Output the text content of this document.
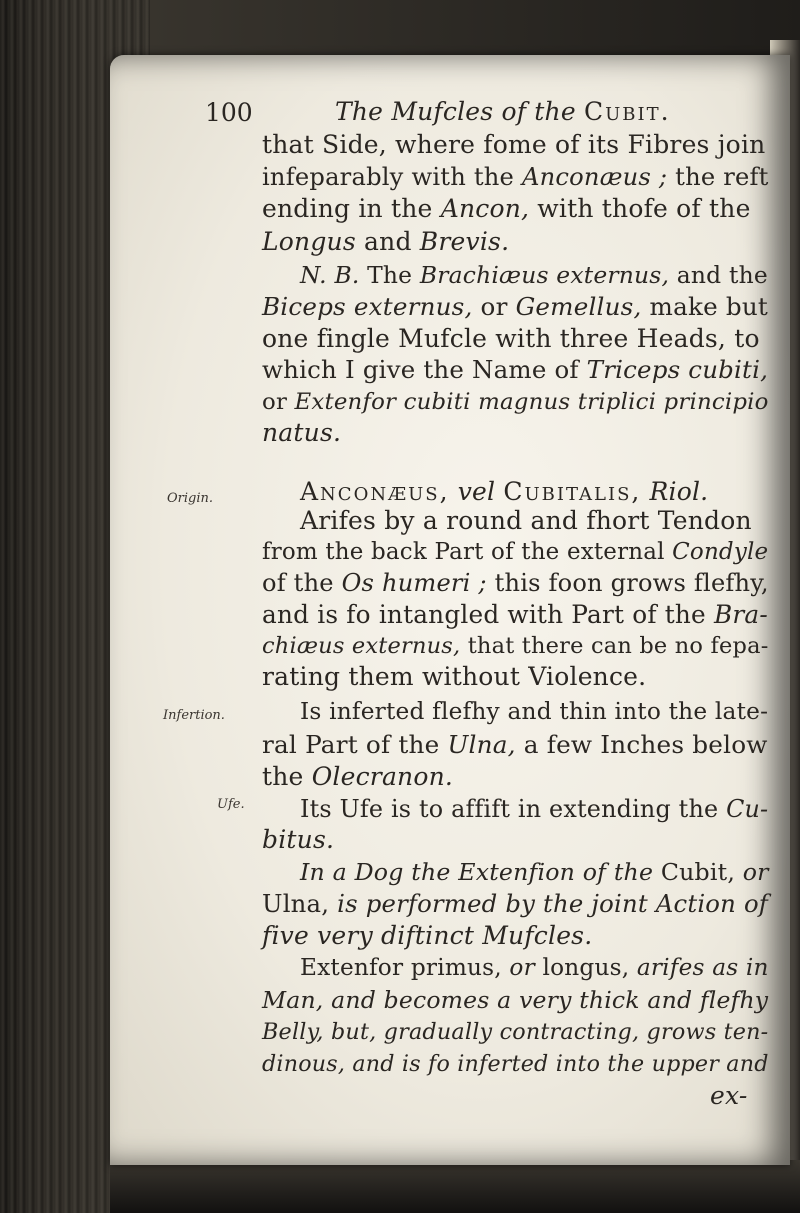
100	The Mufcles of the Cubit.
that Side, where fome of its Fibres join
infeparably with the Anconæus ; the reft
ending in the Ancon, with thofe of the
Longus and Brevis.
N. B. The Brachiæus externus, and the
Biceps externus, or Gemellus, make but
one fingle Mufcle with three Heads, to
which I give the Name of Triceps cubiti,
or Extenfor cubiti magnus triplici principio
natus.
Anconæus, vel Cubitalis, Riol.
Arifes by a round and fhort Tendon
from the back Part of the external Condyle
of the Os humeri ; this foon grows flefhy,
and is fo intangled with Part of the Bra-
chiæus externus, that there can be no fepa-
rating them without Violence.
Is inferted flefhy and thin into the late-
ral Part of the Ulna, a few Inches below
the Olecranon.
Its Ufe is to affift in extending the Cu-
bitus.
In a Dog the Extenfion of the Cubit, or
Ulna, is performed by the joint Action of
five very diftinct Mufcles.
Extenfor primus, or longus, arifes as in
Man, and becomes a very thick and flefhy
Belly, but, gradually contracting, grows ten-
dinous, and is fo inferted into the upper and
ex-
Origin.
Infertion.
Ufe.
